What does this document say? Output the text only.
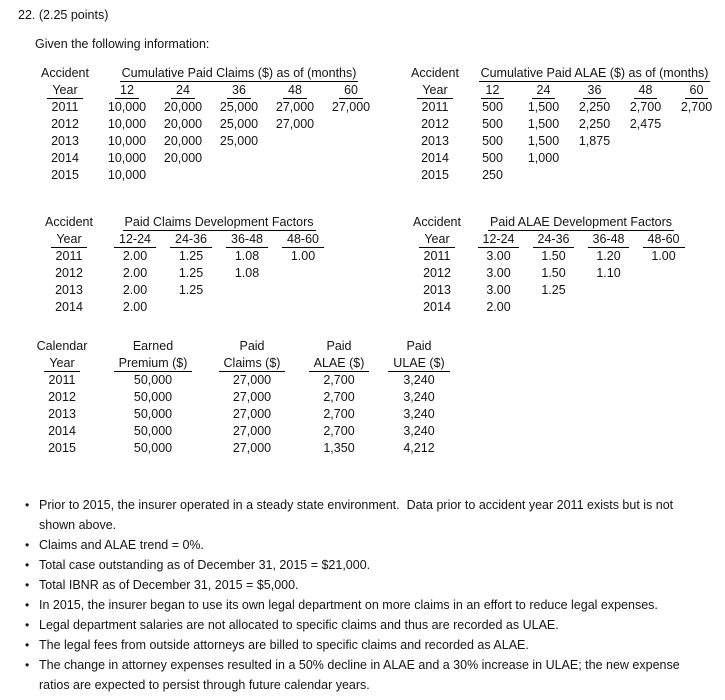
22. (2.25 points)
Given the following information:
Accident	Cumulative Paid Claims ($) as of (months)				
Year	12	24	36	48	60
2011	10,000	20,000	25,000	27,000	27,000
2012	10,000	20,000	25,000	27,000	
2013	10,000	20,000	25,000		
2014	10,000	20,000			
2015	10,000				
Accident	Cumulative Paid ALAE ($) as of (months)				
Year	12	24	36	48	60
2011	500	1,500	2,250	2,700	2,700
2012	500	1,500	2,250	2,475	
2013	500	1,500	1,875		
2014	500	1,000			
2015	250				
Accident	Paid Claims Development Factors			
Year	12-24	24-36	36-48	48-60
2011	2.00	1.25	1.08	1.00
2012	2.00	1.25	1.08	
2013	2.00	1.25		
2014	2.00			
Accident	Paid ALAE Development Factors			
Year	12-24	24-36	36-48	48-60
2011	3.00	1.50	1.20	1.00
2012	3.00	1.50	1.10	
2013	3.00	1.25		
2014	2.00			
Calendar	Earned	Paid	Paid	Paid
Year	Premium ($)	Claims ($)	ALAE ($)	ULAE ($)
2011	50,000	27,000	2,700	3,240
2012	50,000	27,000	2,700	3,240
2013	50,000	27,000	2,700	3,240
2014	50,000	27,000	2,700	3,240
2015	50,000	27,000	1,350	4,212
• Prior to 2015, the insurer operated in a steady state environment.  Data prior to accident year 2011 exists but is not shown above.
• Claims and ALAE trend = 0%.
• Total case outstanding as of December 31, 2015 = $21,000.
• Total IBNR as of December 31, 2015 = $5,000.
• In 2015, the insurer began to use its own legal department on more claims in an effort to reduce legal expenses.
• Legal department salaries are not allocated to specific claims and thus are recorded as ULAE.
• The legal fees from outside attorneys are billed to specific claims and recorded as ALAE.
• The change in attorney expenses resulted in a 50% decline in ALAE and a 30% increase in ULAE; the new expense ratios are expected to persist through future calendar years.
